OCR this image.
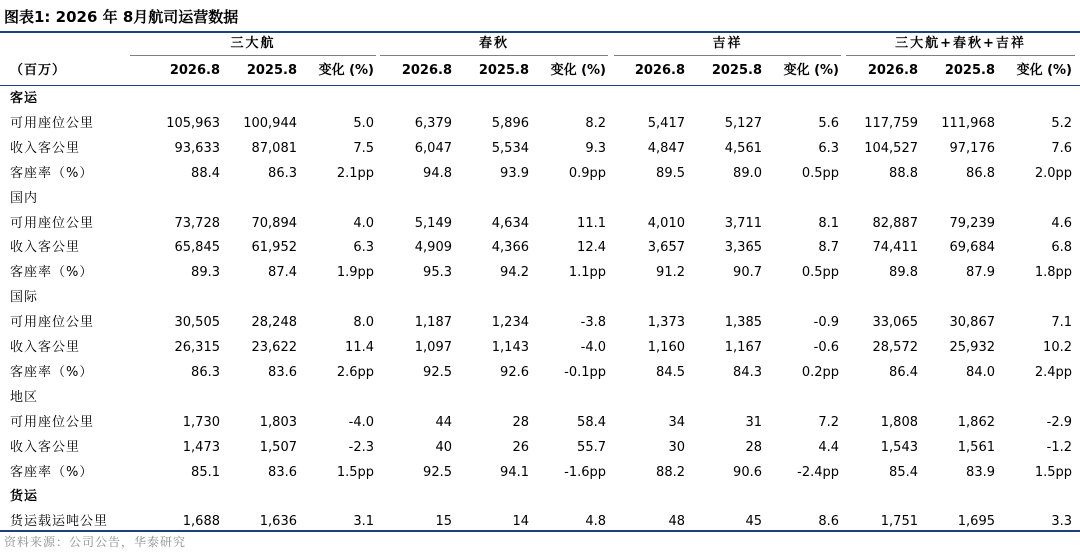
图表1: 2026 年 8月航司运营数据
三大航	春秋	吉祥	三大航+春秋+吉祥
（百万）	2026.8	2025.8	变化 (%)	2026.8	2025.8	变化 (%)	2026.8	2025.8	变化 (%)	2026.8	2025.8	变化 (%)
客运
可用座位公里	105,963	100,944	5.0	6,379	5,896	8.2	5,417	5,127	5.6	117,759	111,968	5.2
收入客公里	93,633	87,081	7.5	6,047	5,534	9.3	4,847	4,561	6.3	104,527	97,176	7.6
客座率（%）	88.4	86.3	2.1pp	94.8	93.9	0.9pp	89.5	89.0	0.5pp	88.8	86.8	2.0pp
国内
可用座位公里	73,728	70,894	4.0	5,149	4,634	11.1	4,010	3,711	8.1	82,887	79,239	4.6
收入客公里	65,845	61,952	6.3	4,909	4,366	12.4	3,657	3,365	8.7	74,411	69,684	6.8
客座率（%）	89.3	87.4	1.9pp	95.3	94.2	1.1pp	91.2	90.7	0.5pp	89.8	87.9	1.8pp
国际
可用座位公里	30,505	28,248	8.0	1,187	1,234	-3.8	1,373	1,385	-0.9	33,065	30,867	7.1
收入客公里	26,315	23,622	11.4	1,097	1,143	-4.0	1,160	1,167	-0.6	28,572	25,932	10.2
客座率（%）	86.3	83.6	2.6pp	92.5	92.6	-0.1pp	84.5	84.3	0.2pp	86.4	84.0	2.4pp
地区
可用座位公里	1,730	1,803	-4.0	44	28	58.4	34	31	7.2	1,808	1,862	-2.9
收入客公里	1,473	1,507	-2.3	40	26	55.7	30	28	4.4	1,543	1,561	-1.2
客座率（%）	85.1	83.6	1.5pp	92.5	94.1	-1.6pp	88.2	90.6	-2.4pp	85.4	83.9	1.5pp
货运
货运载运吨公里	1,688	1,636	3.1	15	14	4.8	48	45	8.6	1,751	1,695	3.3
资料来源：公司公告，华泰研究
